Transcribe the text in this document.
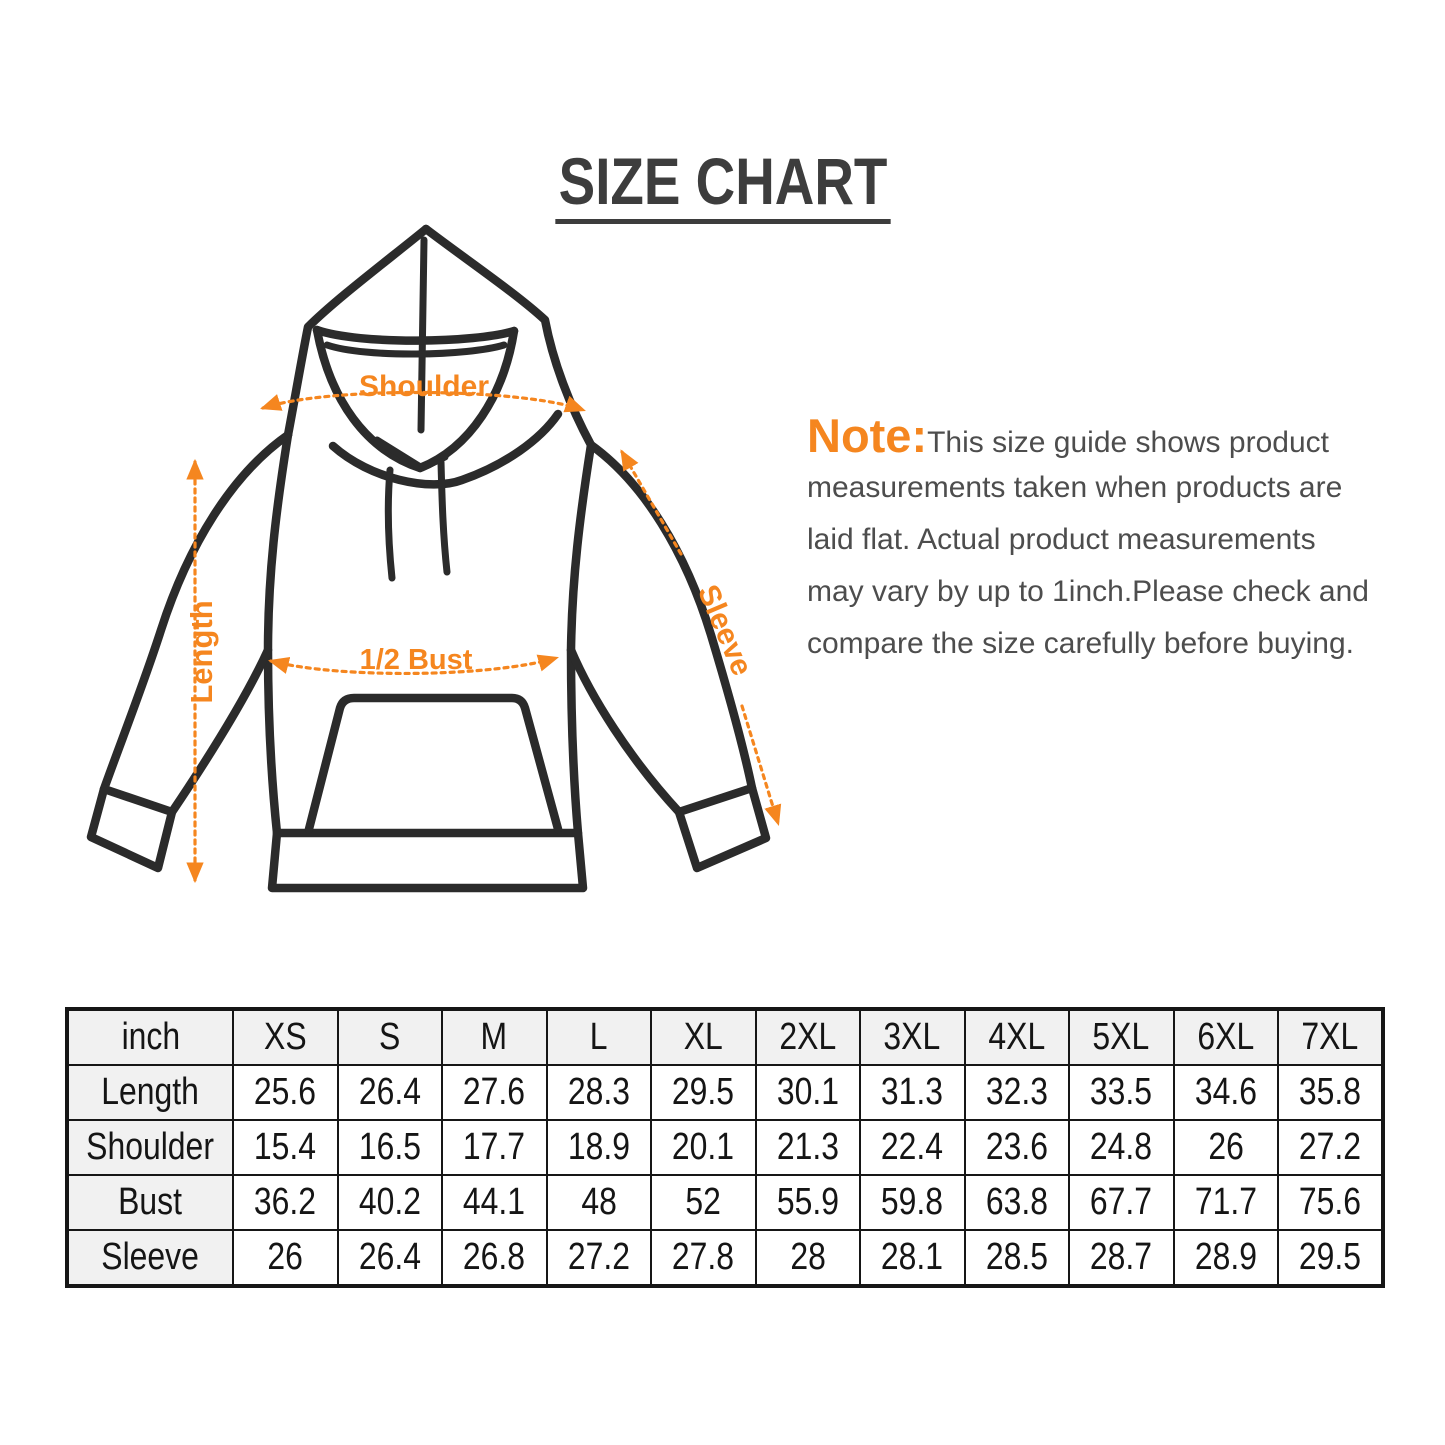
SIZE CHART
Shoulder
Length	1/2 Bust	Sleeve
Note:This size guide shows product
measurements taken when products are
laid flat. Actual product measurements
may vary by up to 1inch.Please check and
compare the size carefully before buying.
inch	XS	S	M	L	XL	2XL	3XL	4XL	5XL	6XL	7XL
Length	25.6	26.4	27.6	28.3	29.5	30.1	31.3	32.3	33.5	34.6	35.8
Shoulder	15.4	16.5	17.7	18.9	20.1	21.3	22.4	23.6	24.8	26	27.2
Bust	36.2	40.2	44.1	48	52	55.9	59.8	63.8	67.7	71.7	75.6
Sleeve	26	26.4	26.8	27.2	27.8	28	28.1	28.5	28.7	28.9	29.5
